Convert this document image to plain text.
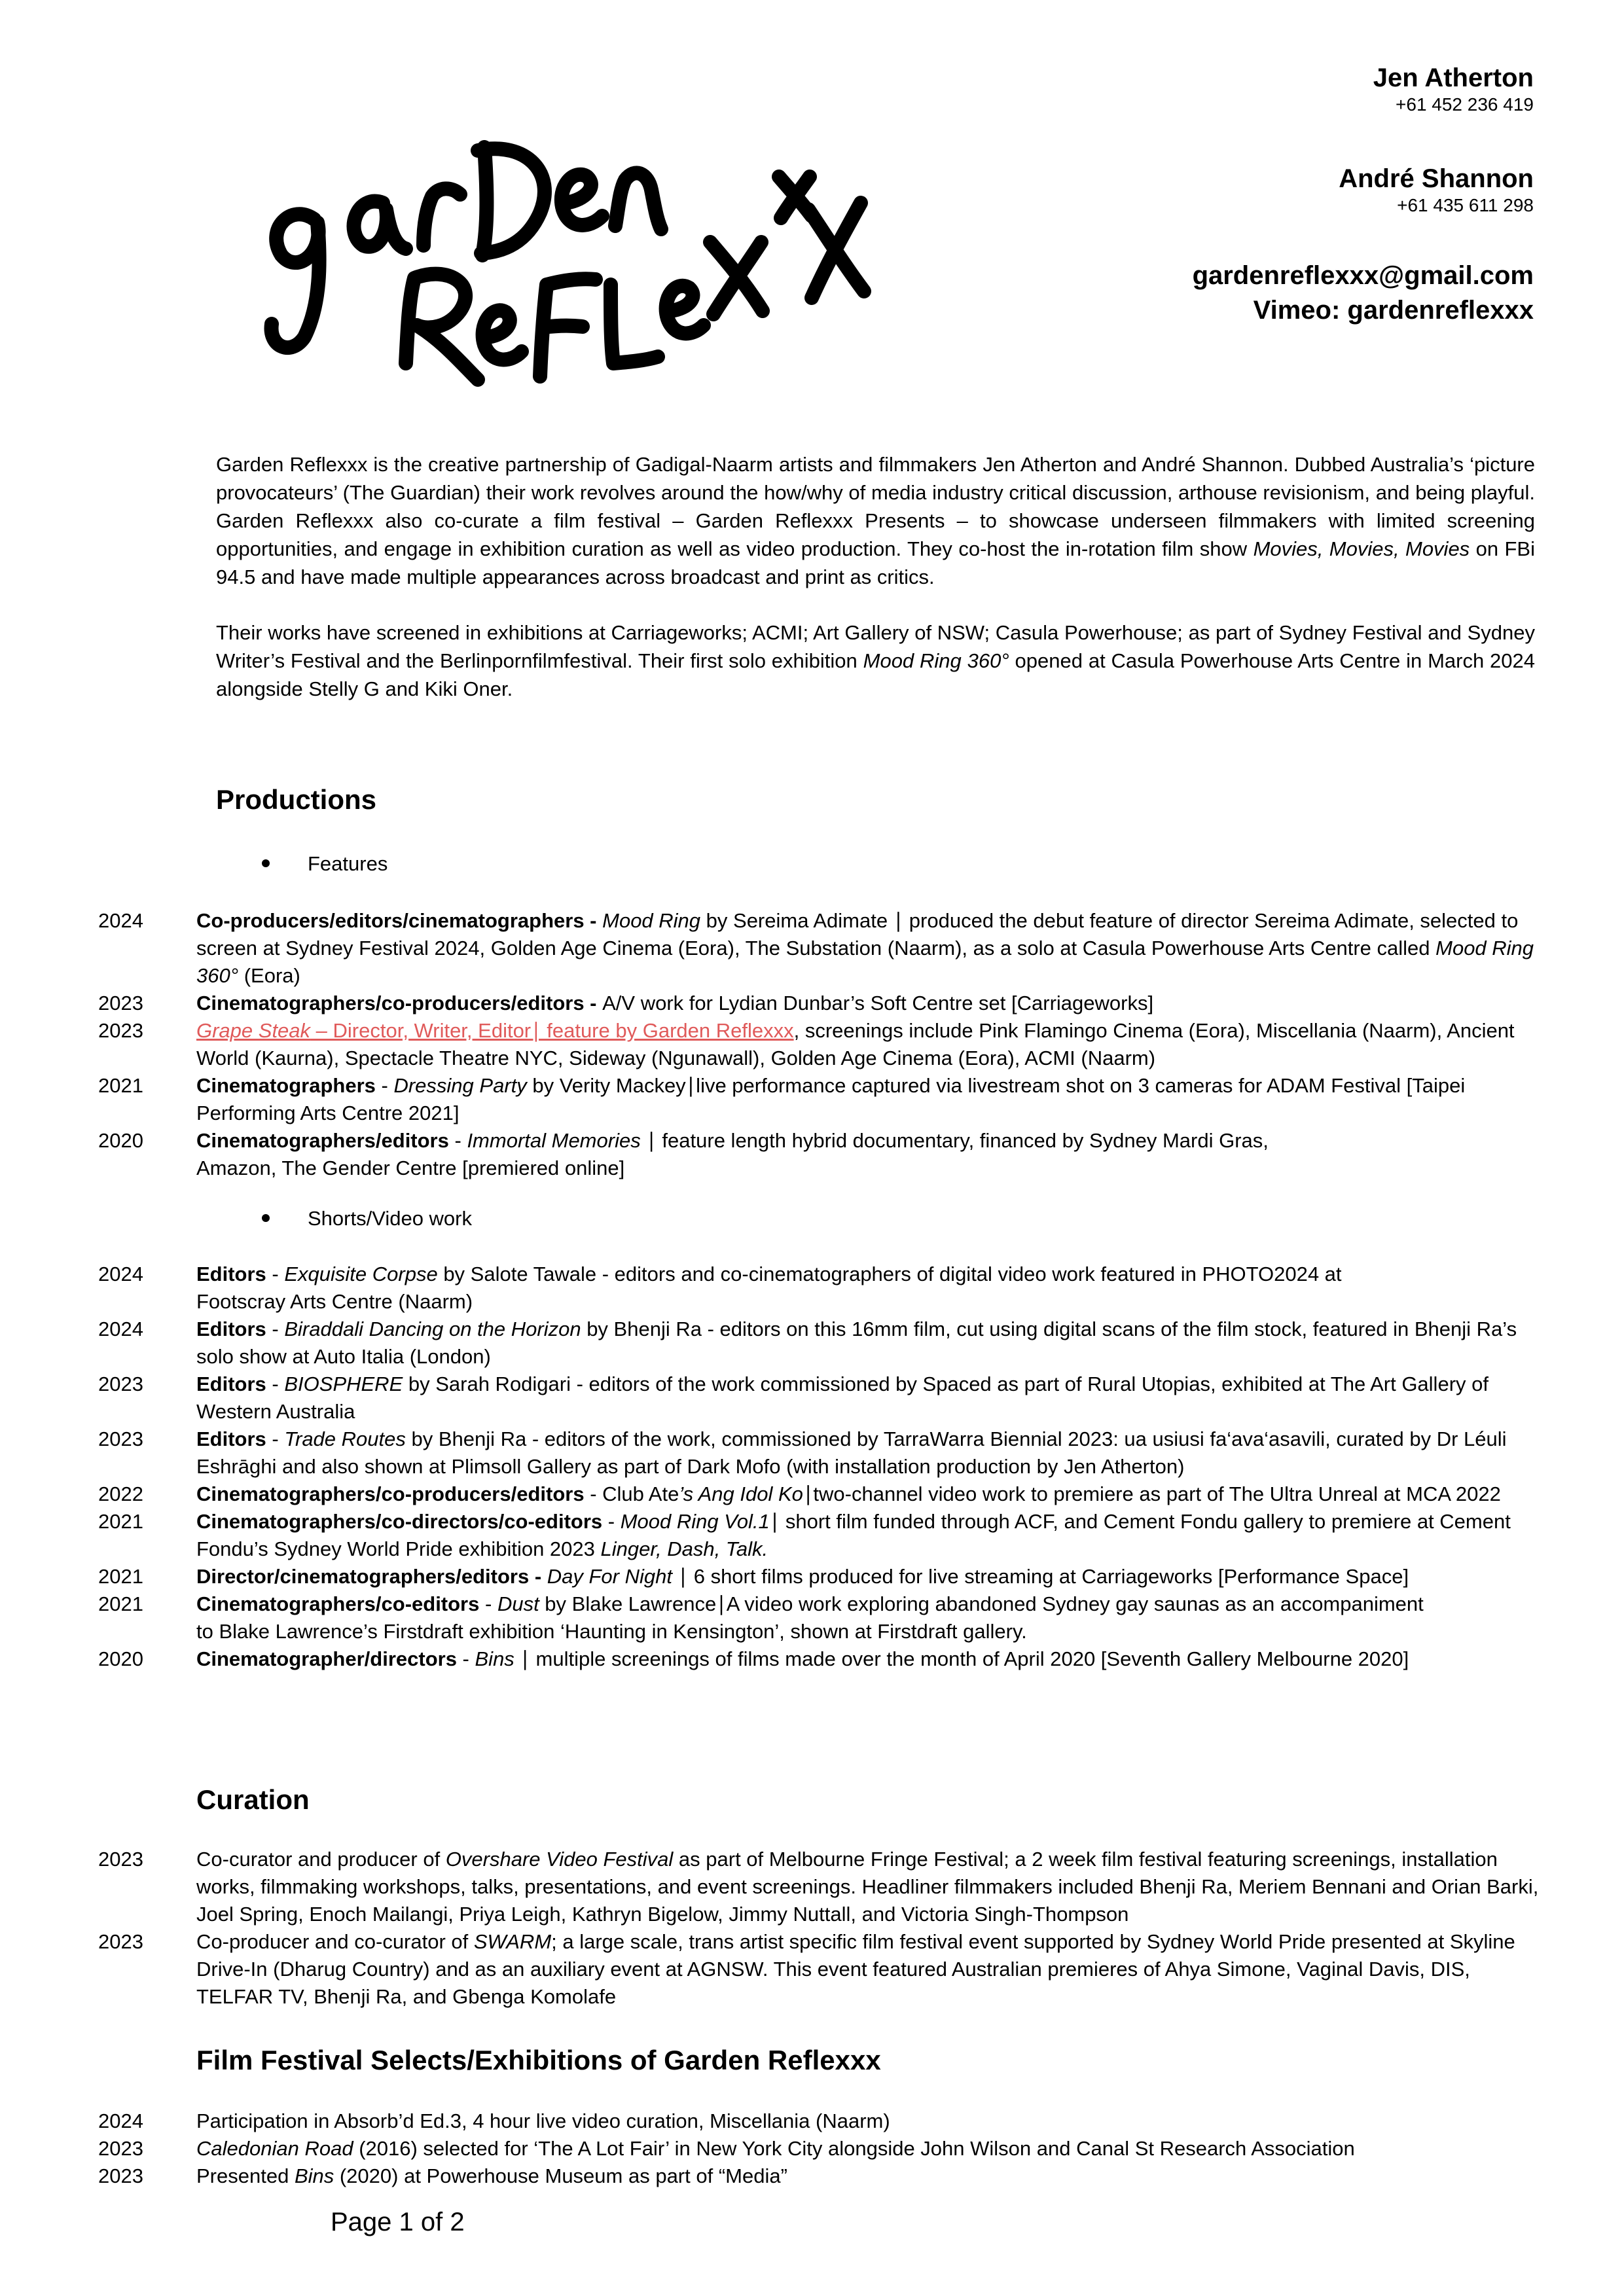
Jen Atherton
+61 452 236 419
André Shannon
+61 435 611 298
gardenreflexxx@gmail.com
Vimeo: gardenreflexxx

Garden Reflexxx is the creative partnership of Gadigal-Naarm artists and filmmakers Jen Atherton and André Shannon. Dubbed Australia’s ‘picture provocateurs’ (The Guardian) their work revolves around the how/why of media industry critical discussion, arthouse revisionism, and being playful. Garden Reflexxx also co-curate a film festival – Garden Reflexxx Presents – to showcase underseen filmmakers with limited screening opportunities, and engage in exhibition curation as well as video production. They co-host the in-rotation film show Movies, Movies, Movies on FBi 94.5 and have made multiple appearances across broadcast and print as critics.

Their works have screened in exhibitions at Carriageworks; ACMI; Art Gallery of NSW; Casula Powerhouse; as part of Sydney Festival and Sydney Writer’s Festival and the Berlinpornfilmfestival. Their first solo exhibition Mood Ring 360° opened at Casula Powerhouse Arts Centre in March 2024 alongside Stelly G and Kiki Oner.

Productions
Features
2024	Co-producers/editors/cinematographers - Mood Ring by Sereima Adimate ∣ produced the debut feature of director Sereima Adimate, selected to screen at Sydney Festival 2024, Golden Age Cinema (Eora), The Substation (Naarm), as a solo at Casula Powerhouse Arts Centre called Mood Ring 360° (Eora)
2023	Cinematographers/co-producers/editors - A/V work for Lydian Dunbar’s Soft Centre set [Carriageworks]
2023	Grape Steak – Director, Writer, Editor∣ feature by Garden Reflexxx, screenings include Pink Flamingo Cinema (Eora), Miscellania (Naarm), Ancient World (Kaurna), Spectacle Theatre NYC, Sideway (Ngunawall), Golden Age Cinema (Eora), ACMI (Naarm)
2021	Cinematographers - Dressing Party by Verity Mackey∣live performance captured via livestream shot on 3 cameras for ADAM Festival [Taipei Performing Arts Centre 2021]
2020	Cinematographers/editors - Immortal Memories ∣ feature length hybrid documentary, financed by Sydney Mardi Gras,
Amazon, The Gender Centre [premiered online]
Shorts/Video work
2024	Editors - Exquisite Corpse by Salote Tawale - editors and co-cinematographers of digital video work featured in PHOTO2024 at
Footscray Arts Centre (Naarm)
2024	Editors - Biraddali Dancing on the Horizon by Bhenji Ra - editors on this 16mm film, cut using digital scans of the film stock, featured in Bhenji Ra’s solo show at Auto Italia (London)
2023	Editors - BIOSPHERE by Sarah Rodigari - editors of the work commissioned by Spaced as part of Rural Utopias, exhibited at The Art Gallery of Western Australia
2023	Editors - Trade Routes by Bhenji Ra - editors of the work, commissioned by TarraWarra Biennial 2023: ua usiusi fa‘ava‘asavili, curated by Dr Léuli Eshrāghi and also shown at Plimsoll Gallery as part of Dark Mofo (with installation production by Jen Atherton)
2022	Cinematographers/co-producers/editors - Club Ate’s Ang Idol Ko∣two-channel video work to premiere as part of The Ultra Unreal at MCA 2022
2021	Cinematographers/co-directors/co-editors - Mood Ring Vol.1∣ short film funded through ACF, and Cement Fondu gallery to premiere at Cement Fondu’s Sydney World Pride exhibition 2023 Linger, Dash, Talk.
2021	Director/cinematographers/editors - Day For Night ∣ 6 short films produced for live streaming at Carriageworks [Performance Space]
2021	Cinematographers/co-editors - Dust by Blake Lawrence∣A video work exploring abandoned Sydney gay saunas as an accompaniment
to Blake Lawrence’s Firstdraft exhibition ‘Haunting in Kensington’, shown at Firstdraft gallery.
2020	Cinematographer/directors - Bins ∣ multiple screenings of films made over the month of April 2020 [Seventh Gallery Melbourne 2020]
Curation
2023	Co-curator and producer of Overshare Video Festival as part of Melbourne Fringe Festival; a 2 week film festival featuring screenings, installation works, filmmaking workshops, talks, presentations, and event screenings. Headliner filmmakers included Bhenji Ra, Meriem Bennani and Orian Barki, Joel Spring, Enoch Mailangi, Priya Leigh, Kathryn Bigelow, Jimmy Nuttall, and Victoria Singh-Thompson
2023	Co-producer and co-curator of SWARM; a large scale, trans artist specific film festival event supported by Sydney World Pride presented at Skyline Drive-In (Dharug Country) and as an auxiliary event at AGNSW. This event featured Australian premieres of Ahya Simone, Vaginal Davis, DIS, TELFAR TV, Bhenji Ra, and Gbenga Komolafe
Film Festival Selects/Exhibitions of Garden Reflexxx
2024	Participation in Absorb’d Ed.3, 4 hour live video curation, Miscellania (Naarm)
2023	Caledonian Road (2016) selected for ‘The A Lot Fair’ in New York City alongside John Wilson and Canal St Research Association
2023	Presented Bins (2020) at Powerhouse Museum as part of “Media”
Page 1 of 2
